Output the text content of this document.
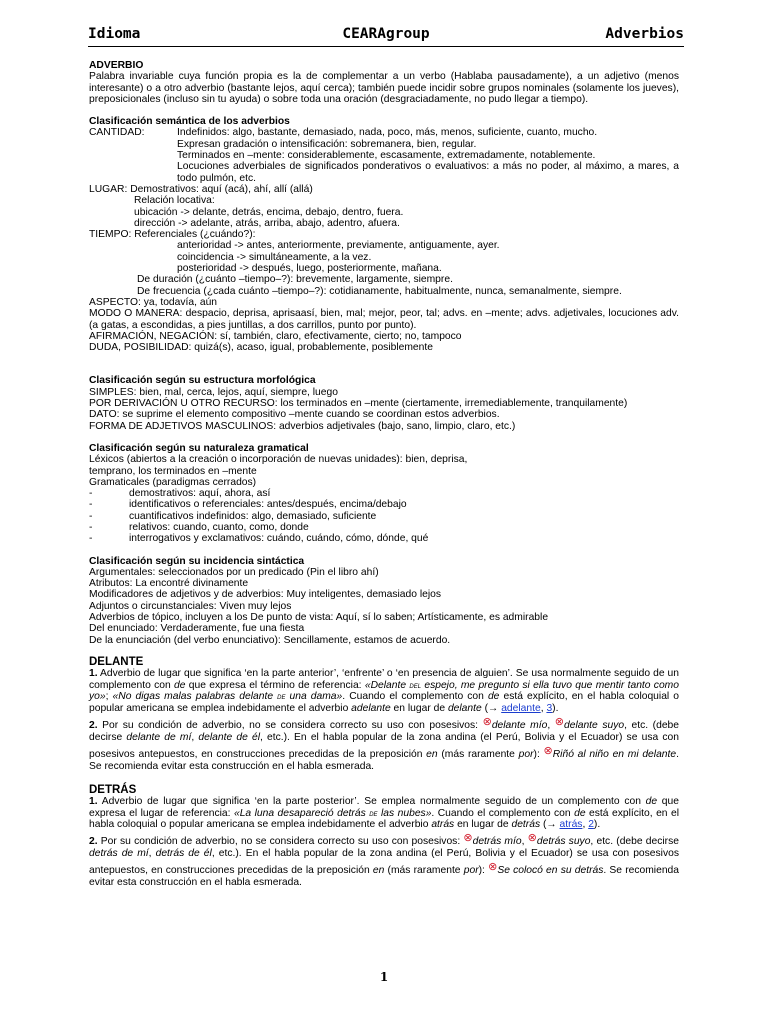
Idioma	CEARAgroup	Adverbios

ADVERBIO

Palabra invariable cuya función propia es la de complementar a un verbo (Hablaba pausadamente), a un adjetivo (menos interesante) o a otro adverbio (bastante lejos, aquí cerca); también puede incidir sobre grupos nominales (solamente los jueves), preposicionales (incluso sin tu ayuda) o sobre toda una oración (desgraciadamente, no pudo llegar a tiempo).

Clasificación semántica de los adverbios

CANTIDAD:	Indefinidos: algo, bastante, demasiado, nada, poco, más, menos, suficiente, cuanto, mucho.

Expresan gradación o intensificación: sobremanera, bien, regular.

Terminados en –mente: considerablemente, escasamente, extremadamente, notablemente.

Locuciones adverbiales de significados ponderativos o evaluativos: a más no poder, al máximo, a mares, a todo pulmón, etc.

LUGAR: Demostrativos: aquí (acá), ahí, allí (allá)

Relación locativa:

ubicación -> delante, detrás, encima, debajo, dentro, fuera.

dirección -> adelante, atrás, arriba, abajo, adentro, afuera.

TIEMPO: Referenciales (¿cuándo?):

anterioridad -> antes, anteriormente, previamente, antiguamente, ayer.

coincidencia -> simultáneamente, a la vez.

posterioridad -> después, luego, posteriormente, mañana.

De duración (¿cuánto –tiempo–?): brevemente, largamente, siempre.

De frecuencia (¿cada cuánto –tiempo–?): cotidianamente, habitualmente, nunca, semanalmente, siempre.

ASPECTO: ya, todavía, aún

MODO O MANERA: despacio, deprisa, aprisaasí, bien, mal; mejor, peor, tal; advs. en –mente; advs. adjetivales, locuciones adv. (a gatas, a escondidas, a pies juntillas, a dos carrillos, punto por punto).

AFIRMACIÓN, NEGACIÓN: sí, también, claro, efectivamente, cierto; no, tampoco

DUDA, POSIBILIDAD: quizá(s), acaso, igual, probablemente, posiblemente

Clasificación según su estructura morfológica

SIMPLES: bien, mal, cerca, lejos, aquí, siempre, luego

POR DERIVACIÓN U OTRO RECURSO: los terminados en –mente (ciertamente, irremediablemente, tranquilamente)

DATO: se suprime el elemento compositivo –mente cuando se coordinan estos adverbios.

FORMA DE ADJETIVOS MASCULINOS: adverbios adjetivales (bajo, sano, limpio, claro, etc.)

Clasificación según su naturaleza gramatical

Léxicos (abiertos a la creación o incorporación de nuevas unidades): bien, deprisa, temprano, los terminados en –mente

Gramaticales (paradigmas cerrados)

-	demostrativos: aquí, ahora, así
-	identificativos o referenciales: antes/después, encima/debajo
-	cuantificativos indefinidos: algo, demasiado, suficiente
-	relativos: cuando, cuanto, como, donde
-	interrogativos y exclamativos: cuándo, cuándo, cómo, dónde, qué

Clasificación según su incidencia sintáctica

Argumentales: seleccionados por un predicado (Pin el libro ahí)

Atributos: La encontré divinamente

Modificadores de adjetivos y de adverbios: Muy inteligentes, demasiado lejos

Adjuntos o circunstanciales: Viven muy lejos

Adverbios de tópico, incluyen a los De punto de vista: Aquí, sí lo saben; Artísticamente, es admirable

Del enunciado: Verdaderamente, fue una fiesta

De la enunciación (del verbo enunciativo): Sencillamente, estamos de acuerdo.

DELANTE

1. Adverbio de lugar que significa ‘en la parte anterior’, ‘enfrente’ o ‘en presencia de alguien’. Se usa normalmente seguido de un complemento con de que expresa el término de referencia: «Delante del espejo, me pregunto si ella tuvo que mentir tanto como yo»; «No digas malas palabras delante de una dama». Cuando el complemento con de está explícito, en el habla coloquial o popular americana se emplea indebidamente el adverbio adelante en lugar de delante (→ adelante, 3).

2. Por su condición de adverbio, no se considera correcto su uso con posesivos: ⊗delante mío, ⊗delante suyo, etc. (debe decirse delante de mí, delante de él, etc.). En el habla popular de la zona andina (el Perú, Bolivia y el Ecuador) se usa con posesivos antepuestos, en construcciones precedidas de la preposición en (más raramente por): ⊗Riñó al niño en mi delante. Se recomienda evitar esta construcción en el habla esmerada.

DETRÁS

1. Adverbio de lugar que significa ‘en la parte posterior’. Se emplea normalmente seguido de un complemento con de que expresa el lugar de referencia: «La luna desapareció detrás de las nubes». Cuando el complemento con de está explícito, en el habla coloquial o popular americana se emplea indebidamente el adverbio atrás en lugar de detrás (→ atrás, 2).

2. Por su condición de adverbio, no se considera correcto su uso con posesivos: ⊗detrás mío, ⊗detrás suyo, etc. (debe decirse detrás de mí, detrás de él, etc.). En el habla popular de la zona andina (el Perú, Bolivia y el Ecuador) se usa con posesivos antepuestos, en construcciones precedidas de la preposición en (más raramente por): ⊗Se colocó en su detrás. Se recomienda evitar esta construcción en el habla esmerada.

1
